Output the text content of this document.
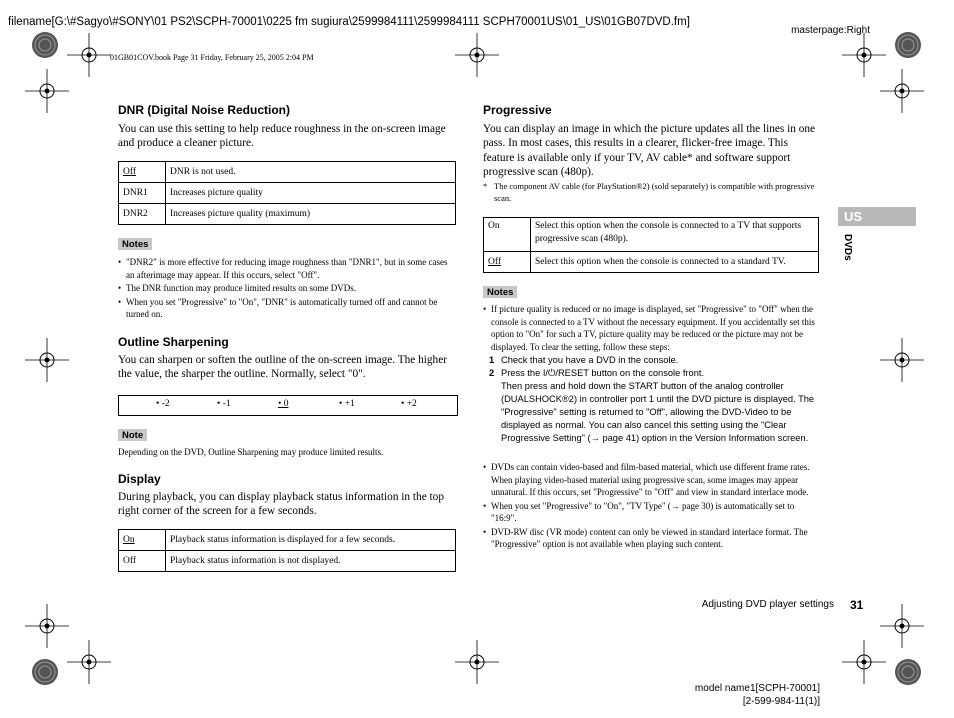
filename[G:\#Sagyo\#SONY\01 PS2\SCPH-70001\0225 fm sugiura\2599984111\2599984111 SCPH70001US\01_US\01GB07DVD.fm]
masterpage:Right
01GB01COV.book Page 31 Friday, February 25, 2005 2:04 PM
DNR (Digital Noise Reduction)
You can use this setting to help reduce roughness in the on-screen image and produce a cleaner picture.
Off	DNR is not used.
DNR1	Increases picture quality
DNR2	Increases picture quality (maximum)
Notes
• "DNR2" is more effective for reducing image roughness than "DNR1", but in some cases an afterimage may appear. If this occurs, select "Off".
• The DNR function may produce limited results on some DVDs.
• When you set "Progressive" to "On", "DNR" is automatically turned off and cannot be turned on.
Outline Sharpening
You can sharpen or soften the outline of the on-screen image. The higher the value, the sharper the outline. Normally, select "0".
• -2	• -1	• 0	• +1	• +2
Note
Depending on the DVD, Outline Sharpening may produce limited results.
Display
During playback, you can display playback status information in the top right corner of the screen for a few seconds.
On	Playback status information is displayed for a few seconds.
Off	Playback status information is not displayed.
Progressive
You can display an image in which the picture updates all the lines in one pass. In most cases, this results in a clearer, flicker-free image. This feature is available only if your TV, AV cable* and software support progressive scan (480p).
* The component AV cable (for PlayStation®2) (sold separately) is compatible with progressive scan.
On	Select this option when the console is connected to a TV that supports progressive scan (480p).
Off	Select this option when the console is connected to a standard TV.
Notes
• If picture quality is reduced or no image is displayed, set "Progressive" to "Off" when the console is connected to a TV without the necessary equipment. If you accidentally set this option to "On" for such a TV, picture quality may be reduced or the picture may not be displayed. To clear the setting, follow these steps:
1 Check that you have a DVD in the console.
2 Press the I/⏻/RESET button on the console front.
Then press and hold down the START button of the analog controller (DUALSHOCK®2) in controller port 1 until the DVD picture is displayed. The "Progressive" setting is returned to "Off", allowing the DVD-Video to be displayed as normal. You can also cancel this setting using the "Clear Progressive Setting" (→ page 41) option in the Version Information screen.
• DVDs can contain video-based and film-based material, which use different frame rates. When playing video-based material using progressive scan, some images may appear unnatural. If this occurs, set "Progressive" to "Off" and view in standard interlace mode.
• When you set "Progressive" to "On", "TV Type" (→ page 30) is automatically set to "16:9".
• DVD-RW disc (VR mode) content can only be viewed in standard interlace format. The "Progressive" option is not available when playing such content.
US
DVDs
Adjusting DVD player settings 31
model name1[SCPH-70001]
[2-599-984-11(1)]
